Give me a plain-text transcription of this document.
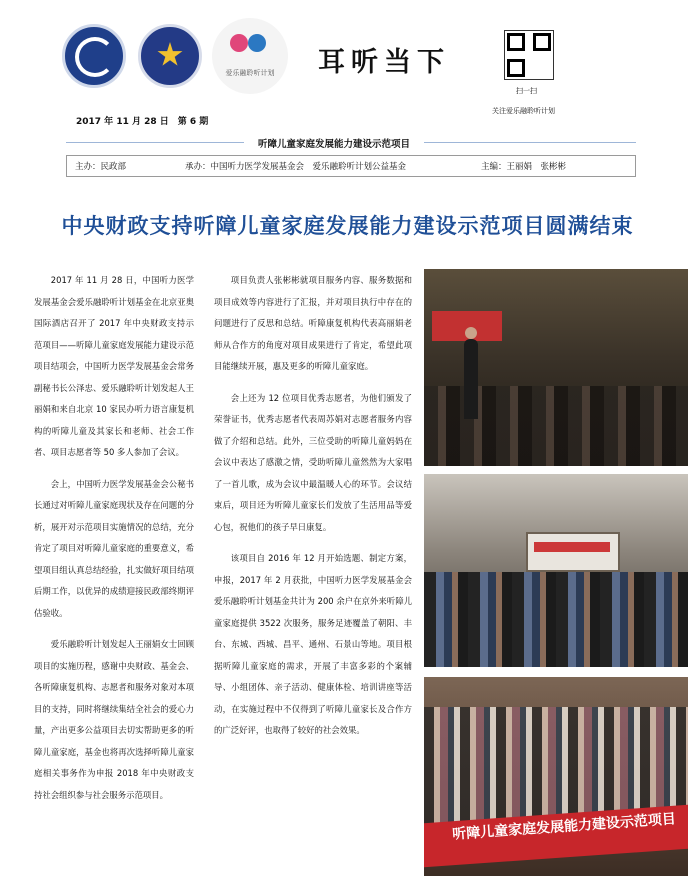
爱乐融聆听计划	耳听当下
扫一扫
关注爱乐融聆听计划
2017 年 11 月 28 日　第 6 期
听障儿童家庭发展能力建设示范项目
主办：民政部	承办：中国听力医学发展基金会　爱乐融聆听计划公益基金	主编：王丽娟　张彬彬
中央财政支持听障儿童家庭发展能力建设示范项目圆满结束

2017 年 11 月 28 日，中国听力医学发展基金会爱乐融聆听计划基金在北京亚奥国际酒店召开了 2017 年中央财政支持示范项目——听障儿童家庭发展能力建设示范项目结项会，中国听力医学发展基金会常务副秘书长公泽忠、爱乐融聆听计划发起人王丽娟和来自北京 10 家民办听力语言康复机构的听障儿童及其家长和老师、社会工作者、项目志愿者等 50 多人参加了会议。

会上，中国听力医学发展基金会公秘书长通过对听障儿童家庭现状及存在问题的分析，展开对示范项目实施情况的总结，充分肯定了项目对听障儿童家庭的重要意义，希望项目组认真总结经验，扎实做好项目结项后期工作，以优异的成绩迎接民政部终期评估验收。

爱乐融聆听计划发起人王丽娟女士回顾项目的实施历程，感谢中央财政、基金会、各听障康复机构、志愿者和服务对象对本项目的支持，同时将继续集结全社会的爱心力量，产出更多公益项目去切实帮助更多的听障儿童家庭，基金也将再次选择听障儿童家庭相关事务作为申报 2018 年中央财政支持社会组织参与社会服务示范项目。

项目负责人张彬彬就项目服务内容、服务数据和项目成效等内容进行了汇报，并对项目执行中存在的问题进行了反思和总结。听障康复机构代表高丽娟老师从合作方的角度对项目成果进行了肯定，希望此项目能继续开展，惠及更多的听障儿童家庭。

会上还为 12 位项目优秀志愿者，为他们颁发了荣誉证书，优秀志愿者代表周苏娟对志愿者服务内容做了介绍和总结。此外，三位受助的听障儿童妈妈在会议中表达了感激之情，受助听障儿童然然为大家唱了一首儿歌，成为会议中最温暖人心的环节。会议结束后，项目还为听障儿童家长们发放了生活用品等爱心包，祝他们的孩子早日康复。

该项目自 2016 年 12 月开始选题、制定方案，申报，2017 年 2 月获批，中国听力医学发展基金会爱乐融聆听计划基金共计为 200 余户在京外来听障儿童家庭提供 3522 次服务，服务足迹覆盖了朝阳、丰台、东城、西城、昌平、通州、石景山等地。项目根据听障儿童家庭的需求，开展了丰富多彩的个案辅导、小组团体、亲子活动、健康体检、培训讲座等活动，在实施过程中不仅得到了听障儿童家长及合作方的广泛好评，也取得了较好的社会效果。

听障儿童家庭发展能力建设示范项目
